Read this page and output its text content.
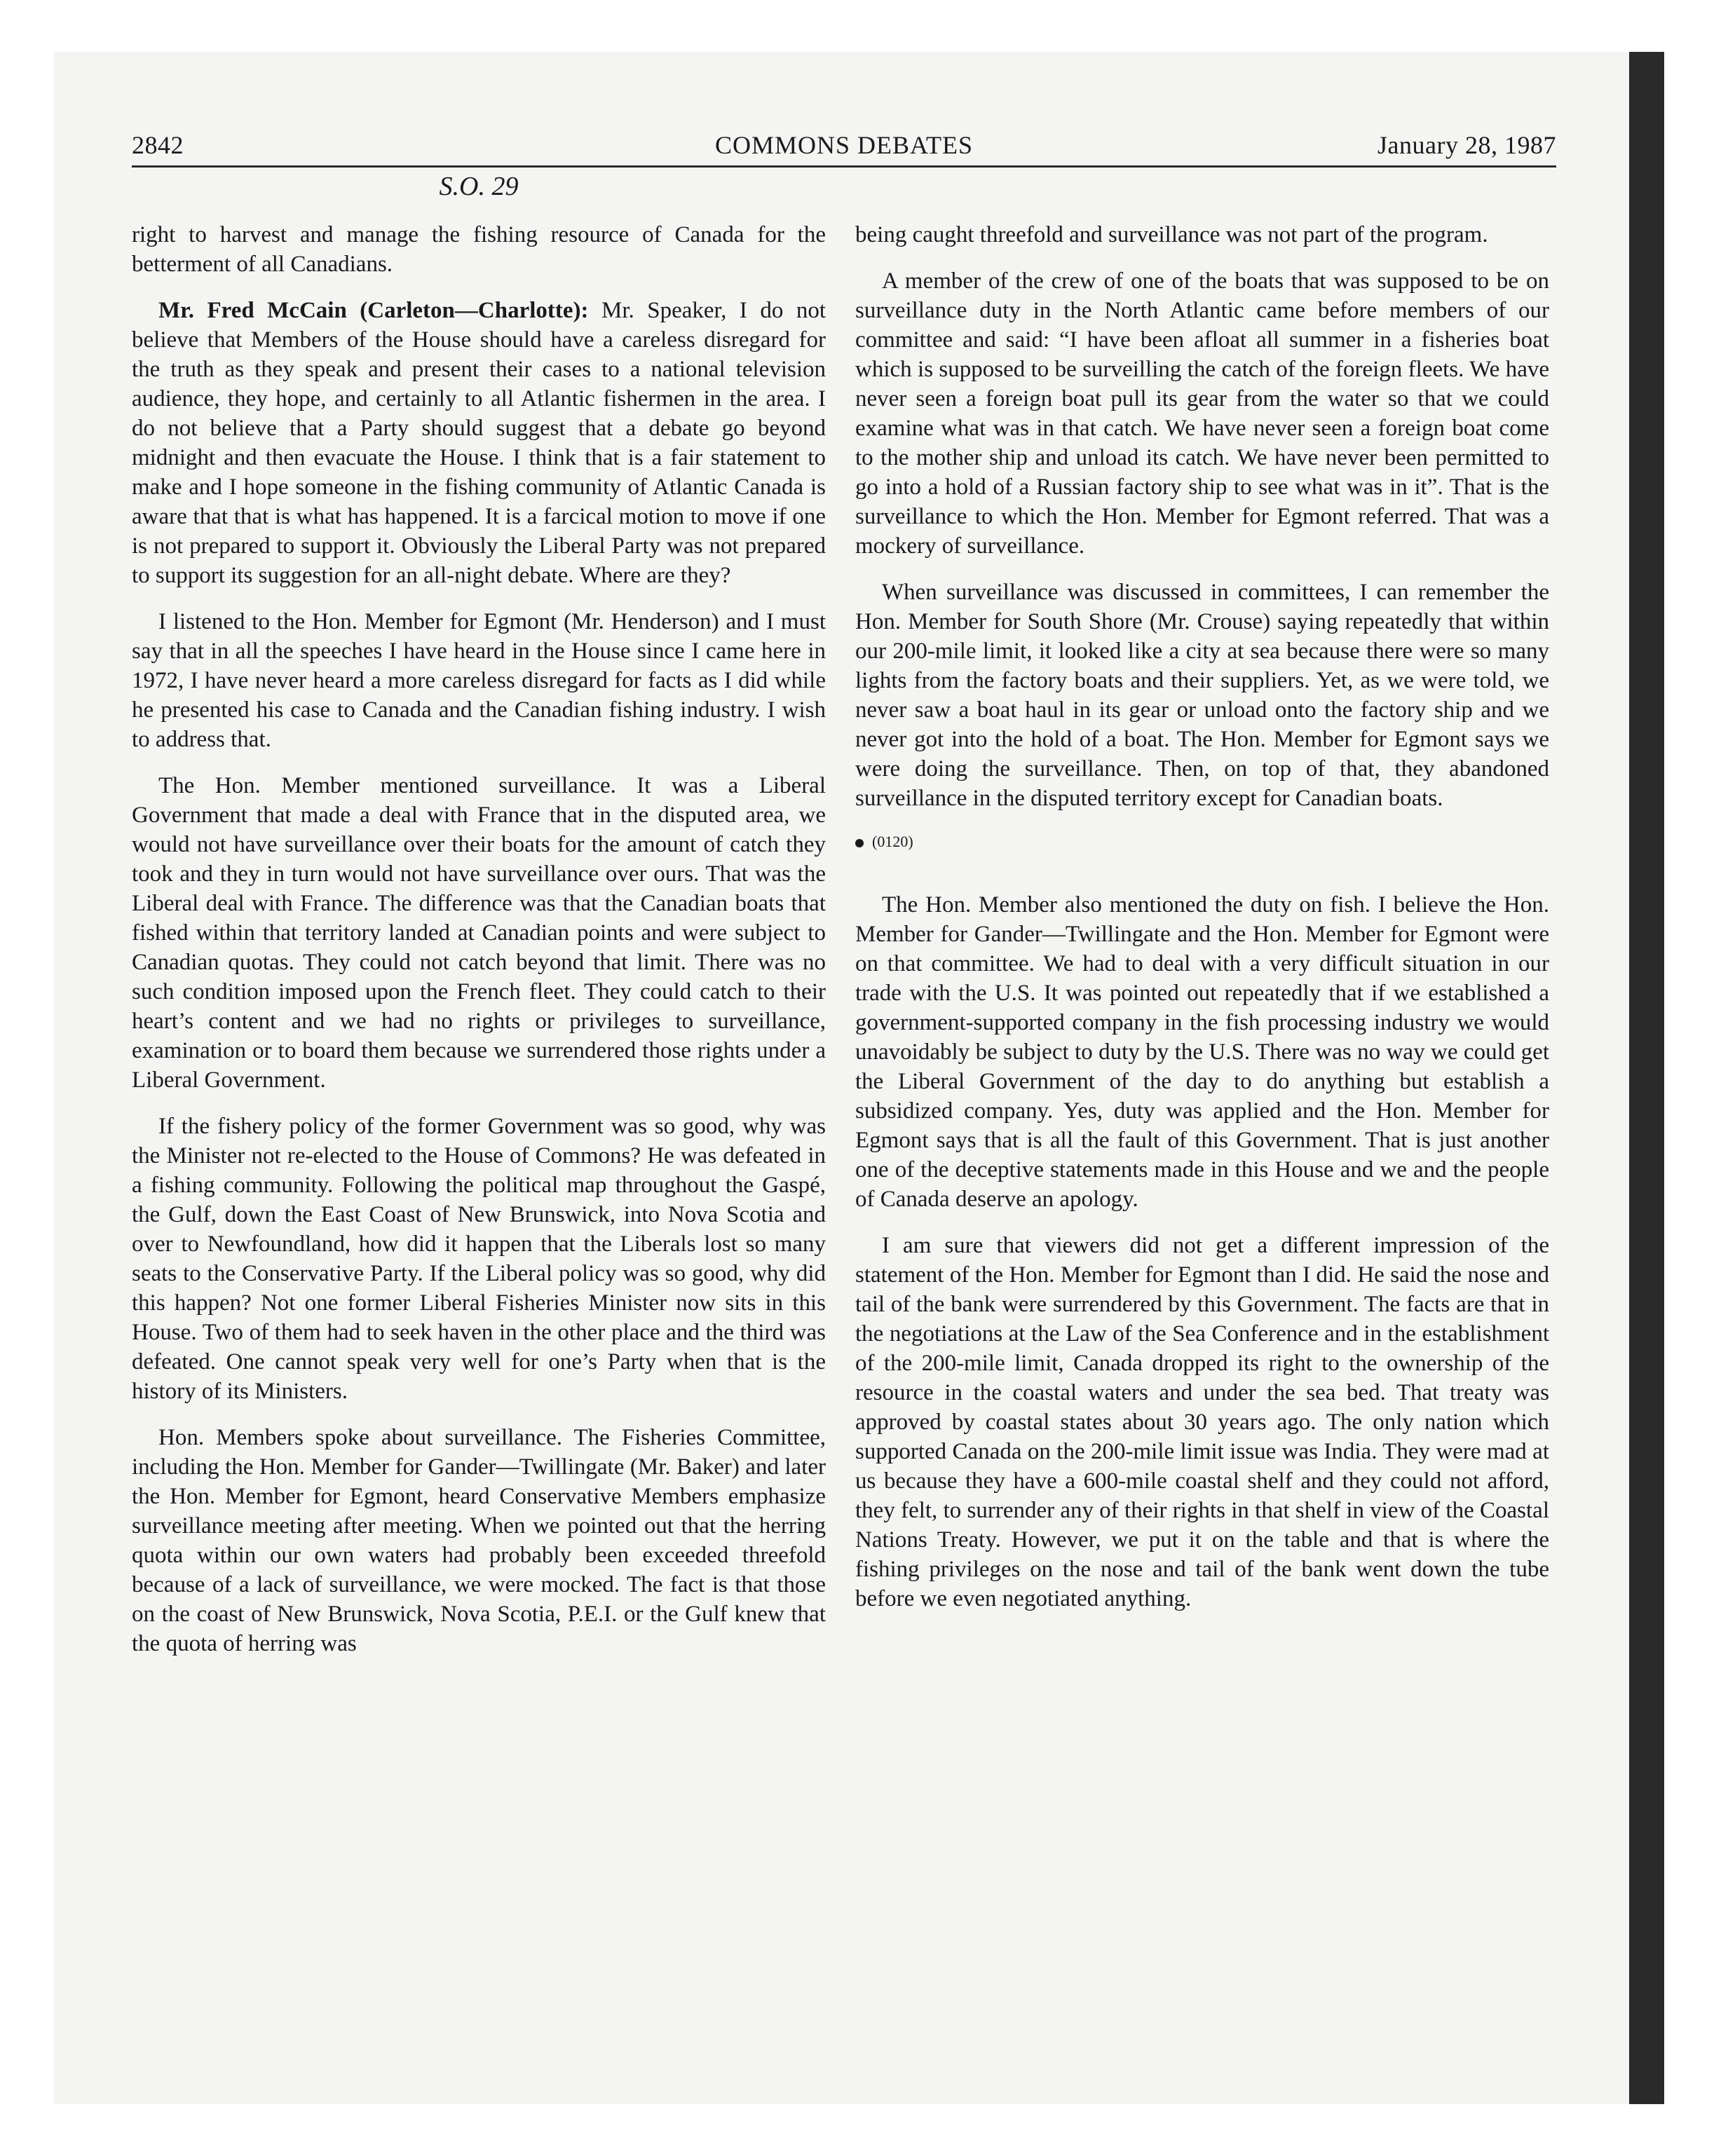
2842	COMMONS DEBATES	January 28, 1987
S.O. 29

right to harvest and manage the fishing resource of Canada for the betterment of all Canadians.

Mr. Fred McCain (Carleton—Charlotte): Mr. Speaker, I do not believe that Members of the House should have a careless disregard for the truth as they speak and present their cases to a national television audience, they hope, and certainly to all Atlantic fishermen in the area. I do not believe that a Party should suggest that a debate go beyond midnight and then evacuate the House. I think that is a fair statement to make and I hope someone in the fishing community of Atlantic Canada is aware that that is what has happened. It is a farcical motion to move if one is not prepared to support it. Obviously the Liberal Party was not prepared to support its suggestion for an all-night debate. Where are they?

I listened to the Hon. Member for Egmont (Mr. Henderson) and I must say that in all the speeches I have heard in the House since I came here in 1972, I have never heard a more careless disregard for facts as I did while he presented his case to Canada and the Canadian fishing industry. I wish to address that.

The Hon. Member mentioned surveillance. It was a Liberal Government that made a deal with France that in the disputed area, we would not have surveillance over their boats for the amount of catch they took and they in turn would not have surveillance over ours. That was the Liberal deal with France. The difference was that the Canadian boats that fished within that territory landed at Canadian points and were subject to Canadian quotas. They could not catch beyond that limit. There was no such condition imposed upon the French fleet. They could catch to their heart’s content and we had no rights or privileges to surveillance, examination or to board them because we surrendered those rights under a Liberal Government.

If the fishery policy of the former Government was so good, why was the Minister not re-elected to the House of Commons? He was defeated in a fishing community. Following the political map throughout the Gaspé, the Gulf, down the East Coast of New Brunswick, into Nova Scotia and over to Newfoundland, how did it happen that the Liberals lost so many seats to the Conservative Party. If the Liberal policy was so good, why did this happen? Not one former Liberal Fisheries Minister now sits in this House. Two of them had to seek haven in the other place and the third was defeated. One cannot speak very well for one’s Party when that is the history of its Ministers.

Hon. Members spoke about surveillance. The Fisheries Committee, including the Hon. Member for Gander—Twillingate (Mr. Baker) and later the Hon. Member for Egmont, heard Conservative Members emphasize surveillance meeting after meeting. When we pointed out that the herring quota within our own waters had probably been exceeded threefold because of a lack of surveillance, we were mocked. The fact is that those on the coast of New Brunswick, Nova Scotia, P.E.I. or the Gulf knew that the quota of herring was

being caught threefold and surveillance was not part of the program.

A member of the crew of one of the boats that was supposed to be on surveillance duty in the North Atlantic came before members of our committee and said: “I have been afloat all summer in a fisheries boat which is supposed to be surveilling the catch of the foreign fleets. We have never seen a foreign boat pull its gear from the water so that we could examine what was in that catch. We have never seen a foreign boat come to the mother ship and unload its catch. We have never been permitted to go into a hold of a Russian factory ship to see what was in it”. That is the surveillance to which the Hon. Member for Egmont referred. That was a mockery of surveillance.

When surveillance was discussed in committees, I can remember the Hon. Member for South Shore (Mr. Crouse) saying repeatedly that within our 200-mile limit, it looked like a city at sea because there were so many lights from the factory boats and their suppliers. Yet, as we were told, we never saw a boat haul in its gear or unload onto the factory ship and we never got into the hold of a boat. The Hon. Member for Egmont says we were doing the surveillance. Then, on top of that, they abandoned surveillance in the disputed territory except for Canadian boats.

(0120)

The Hon. Member also mentioned the duty on fish. I believe the Hon. Member for Gander—Twillingate and the Hon. Member for Egmont were on that committee. We had to deal with a very difficult situation in our trade with the U.S. It was pointed out repeatedly that if we established a government-supported company in the fish processing industry we would unavoidably be subject to duty by the U.S. There was no way we could get the Liberal Government of the day to do anything but establish a subsidized company. Yes, duty was applied and the Hon. Member for Egmont says that is all the fault of this Government. That is just another one of the deceptive statements made in this House and we and the people of Canada deserve an apology.

I am sure that viewers did not get a different impression of the statement of the Hon. Member for Egmont than I did. He said the nose and tail of the bank were surrendered by this Government. The facts are that in the negotiations at the Law of the Sea Conference and in the establishment of the 200-mile limit, Canada dropped its right to the ownership of the resource in the coastal waters and under the sea bed. That treaty was approved by coastal states about 30 years ago. The only nation which supported Canada on the 200-mile limit issue was India. They were mad at us because they have a 600-mile coastal shelf and they could not afford, they felt, to surrender any of their rights in that shelf in view of the Coastal Nations Treaty. However, we put it on the table and that is where the fishing privileges on the nose and tail of the bank went down the tube before we even negotiated anything.
